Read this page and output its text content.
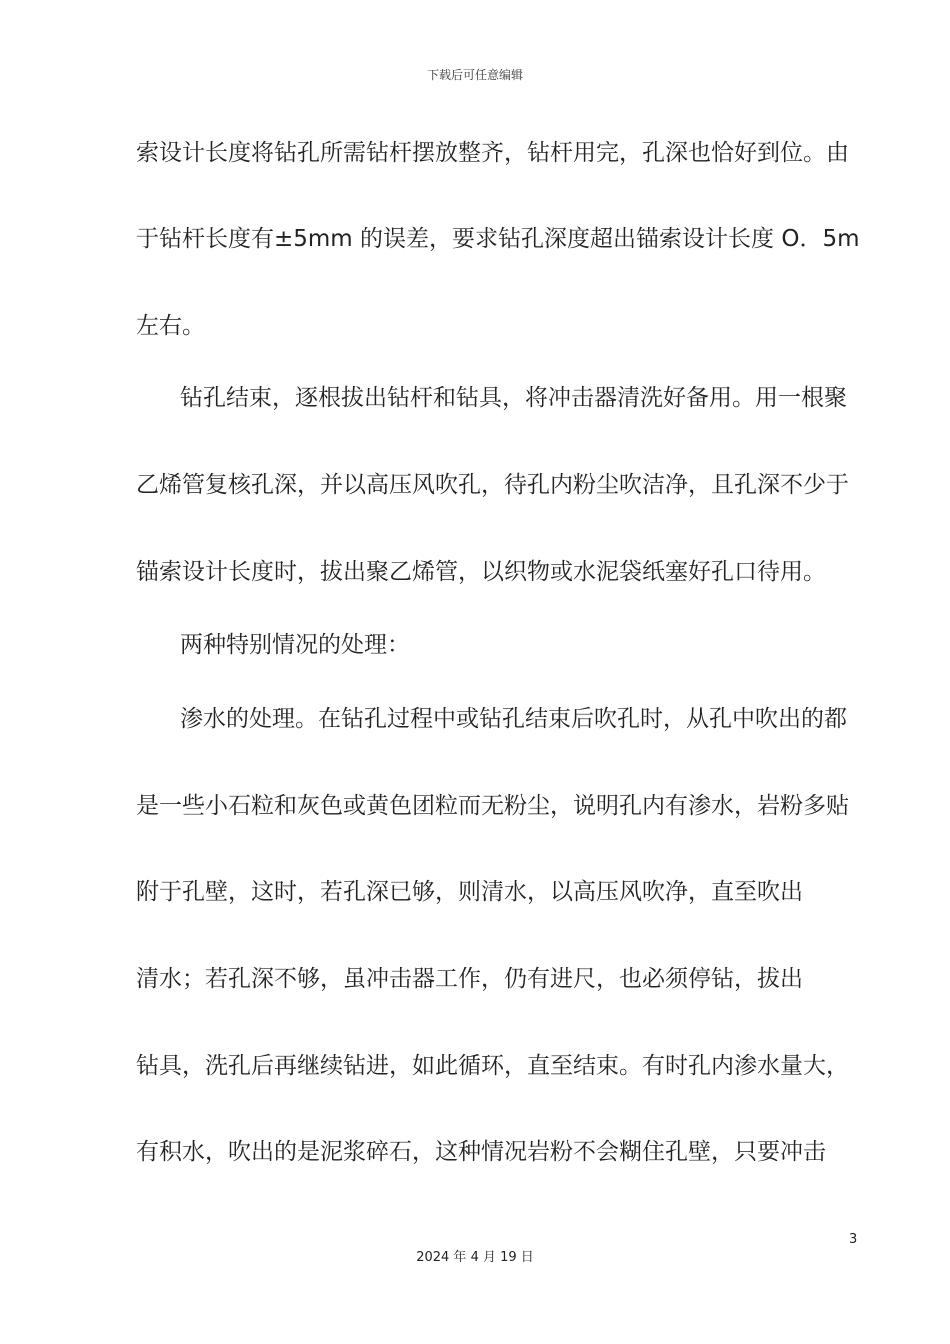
下载后可任意编辑
索设计长度将钻孔所需钻杆摆放整齐，钻杆用完，孔深也恰好到位。由
于钻杆长度有±5mm 的误差，要求钻孔深度超出锚索设计长度 O．5m
左右。
钻孔结束，逐根拔出钻杆和钻具，将冲击器清洗好备用。用一根聚
乙烯管复核孔深，并以高压风吹孔，待孔内粉尘吹洁净，且孔深不少于
锚索设计长度时，拔出聚乙烯管，以织物或水泥袋纸塞好孔口待用。
两种特别情况的处理：
渗水的处理。在钻孔过程中或钻孔结束后吹孔时，从孔中吹出的都
是一些小石粒和灰色或黄色团粒而无粉尘，说明孔内有渗水，岩粉多贴
附于孔壁，这时，若孔深已够，则清水，以高压风吹净，直至吹出
清水；若孔深不够，虽冲击器工作，仍有进尺，也必须停钻，拔出
钻具，洗孔后再继续钻进，如此循环，直至结束。有时孔内渗水量大，
有积水，吹出的是泥浆碎石，这种情况岩粉不会糊住孔壁，只要冲击
3
2024 年 4 月 19 日
